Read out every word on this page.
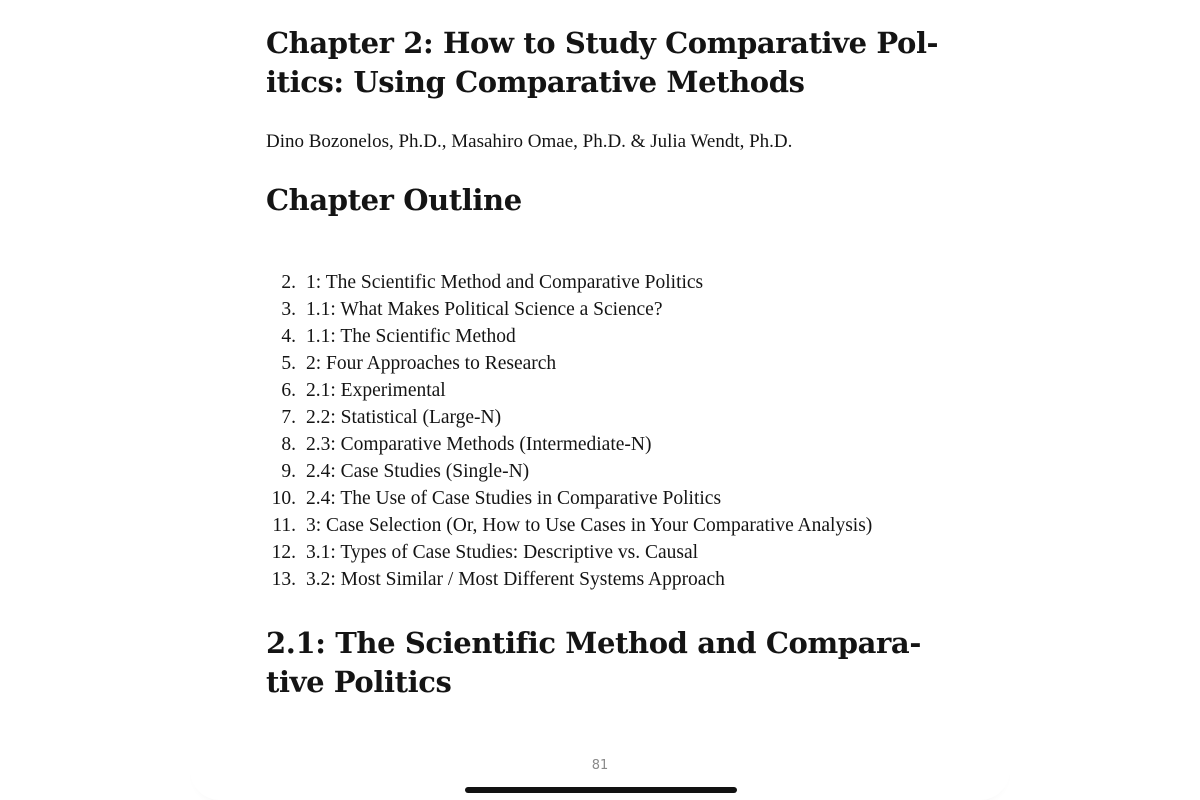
Chapter 2: How to Study Comparative Pol-
itics: Using Comparative Methods

Dino Bozonelos, Ph.D., Masahiro Omae, Ph.D. & Julia Wendt, Ph.D.

Chapter Outline
2. 1: The Scientific Method and Comparative Politics
3. 1.1: What Makes Political Science a Science?
4. 1.1: The Scientific Method
5. 2: Four Approaches to Research
6. 2.1: Experimental
7. 2.2: Statistical (Large-N)
8. 2.3: Comparative Methods (Intermediate-N)
9. 2.4: Case Studies (Single-N)
10. 2.4: The Use of Case Studies in Comparative Politics
11. 3: Case Selection (Or, How to Use Cases in Your Comparative Analysis)
12. 3.1: Types of Case Studies: Descriptive vs. Causal
13. 3.2: Most Similar / Most Different Systems Approach
2.1: The Scientific Method and Compara-
tive Politics
81
